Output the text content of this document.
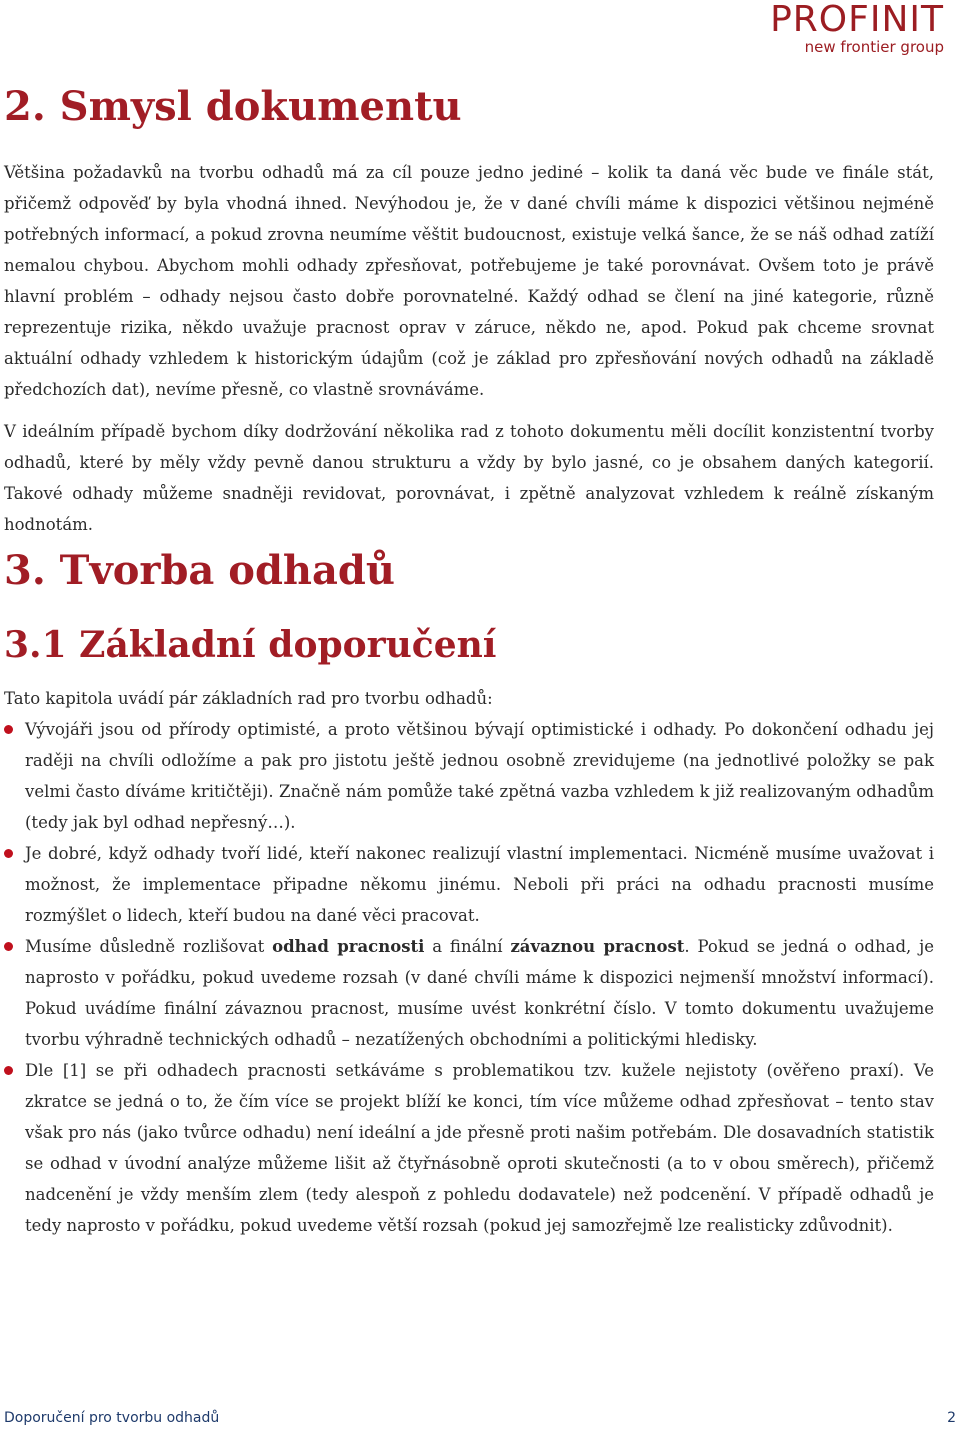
PROFINIT
new frontier group
2. Smysl dokumentu

Většina požadavků na tvorbu odhadů má za cíl pouze jedno jediné – kolik ta daná věc bude ve finále stát, přičemž odpověď by byla vhodná ihned. Nevýhodou je, že v dané chvíli máme k dispozici většinou nejméně potřebných informací, a pokud zrovna neumíme věštit budoucnost, existuje velká šance, že se náš odhad zatíží nemalou chybou. Abychom mohli odhady zpřesňovat, potřebujeme je také porovnávat. Ovšem toto je právě hlavní problém – odhady nejsou často dobře porovnatelné. Každý odhad se člení na jiné kategorie, různě reprezentuje rizika, někdo uvažuje pracnost oprav v záruce, někdo ne, apod. Pokud pak chceme srovnat aktuální odhady vzhledem k historickým údajům (což je základ pro zpřesňování nových odhadů na základě předchozích dat), nevíme přesně, co vlastně srovnáváme.

V ideálním případě bychom díky dodržování několika rad z tohoto dokumentu měli docílit konzistentní tvorby odhadů, které by měly vždy pevně danou strukturu a vždy by bylo jasné, co je obsahem daných kategorií. Takové odhady můžeme snadněji revidovat, porovnávat, i zpětně analyzovat vzhledem k reálně získaným hodnotám.

3. Tvorba odhadů
3.1 Základní doporučení

Tato kapitola uvádí pár základních rad pro tvorbu odhadů:

Vývojáři jsou od přírody optimisté, a proto většinou bývají optimistické i odhady. Po dokončení odhadu jej raději na chvíli odložíme a pak pro jistotu ještě jednou osobně zrevidujeme (na jednotlivé položky se pak velmi často díváme kritičtěji). Značně nám pomůže také zpětná vazba vzhledem k již realizovaným odhadům (tedy jak byl odhad nepřesný…).
Je dobré, když odhady tvoří lidé, kteří nakonec realizují vlastní implementaci. Nicméně musíme uvažovat i možnost, že implementace připadne někomu jinému. Neboli při práci na odhadu pracnosti musíme rozmýšlet o lidech, kteří budou na dané věci pracovat.
Musíme důsledně rozlišovat odhad pracnosti a finální závaznou pracnost. Pokud se jedná o odhad, je naprosto v pořádku, pokud uvedeme rozsah (v dané chvíli máme k dispozici nejmenší množství informací). Pokud uvádíme finální závaznou pracnost, musíme uvést konkrétní číslo. V tomto dokumentu uvažujeme tvorbu výhradně technických odhadů – nezatížených obchodními a politickými hledisky.
Dle [1] se při odhadech pracnosti setkáváme s problematikou tzv. kužele nejistoty (ověřeno praxí). Ve zkratce se jedná o to, že čím více se projekt blíží ke konci, tím více můžeme odhad zpřesňovat – tento stav však pro nás (jako tvůrce odhadu) není ideální a jde přesně proti našim potřebám. Dle dosavadních statistik se odhad v úvodní analýze můžeme lišit až čtyřnásobně oproti skutečnosti (a to v obou směrech), přičemž nadcenění je vždy menším zlem (tedy alespoň z pohledu dodavatele) než podcenění. V případě odhadů je tedy naprosto v pořádku, pokud uvedeme větší rozsah (pokud jej samozřejmě lze realisticky zdůvodnit).
Doporučení pro tvorbu odhadů	2
